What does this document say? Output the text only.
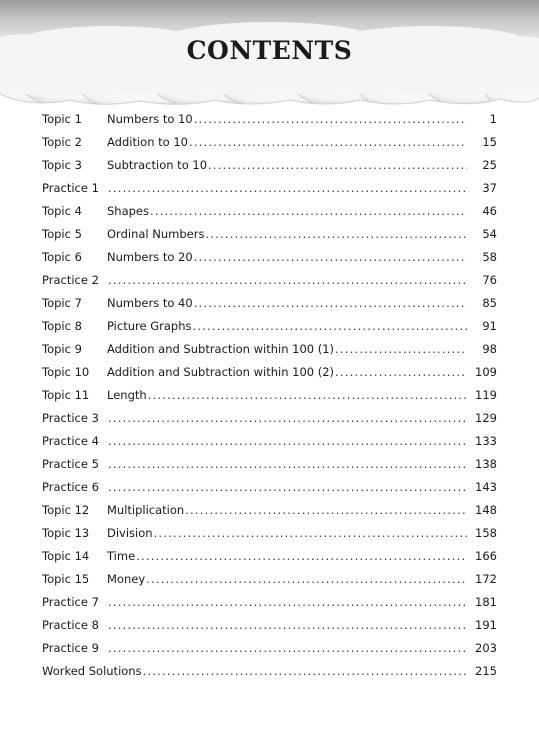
CONTENTS
Topic 1 Numbers to 10 .....	1
Topic 2 Addition to 10 .....	15
Topic 3 Subtraction to 10 .....	25
Practice 1 .....	37
Topic 4 Shapes .....	46
Topic 5 Ordinal Numbers .....	54
Topic 6 Numbers to 20 .....	58
Practice 2 .....	76
Topic 7 Numbers to 40 .....	85
Topic 8 Picture Graphs .....	91
Topic 9 Addition and Subtraction within 100 (1) .....	98
Topic 10 Addition and Subtraction within 100 (2) .....	109
Topic 11 Length .....	119
Practice 3 .....	129
Practice 4 .....	133
Practice 5 .....	138
Practice 6 .....	143
Topic 12 Multiplication .....	148
Topic 13 Division .....	158
Topic 14 Time .....	166
Topic 15 Money .....	172
Practice 7 .....	181
Practice 8 .....	191
Practice 9 .....	203
Worked Solutions .....	215
